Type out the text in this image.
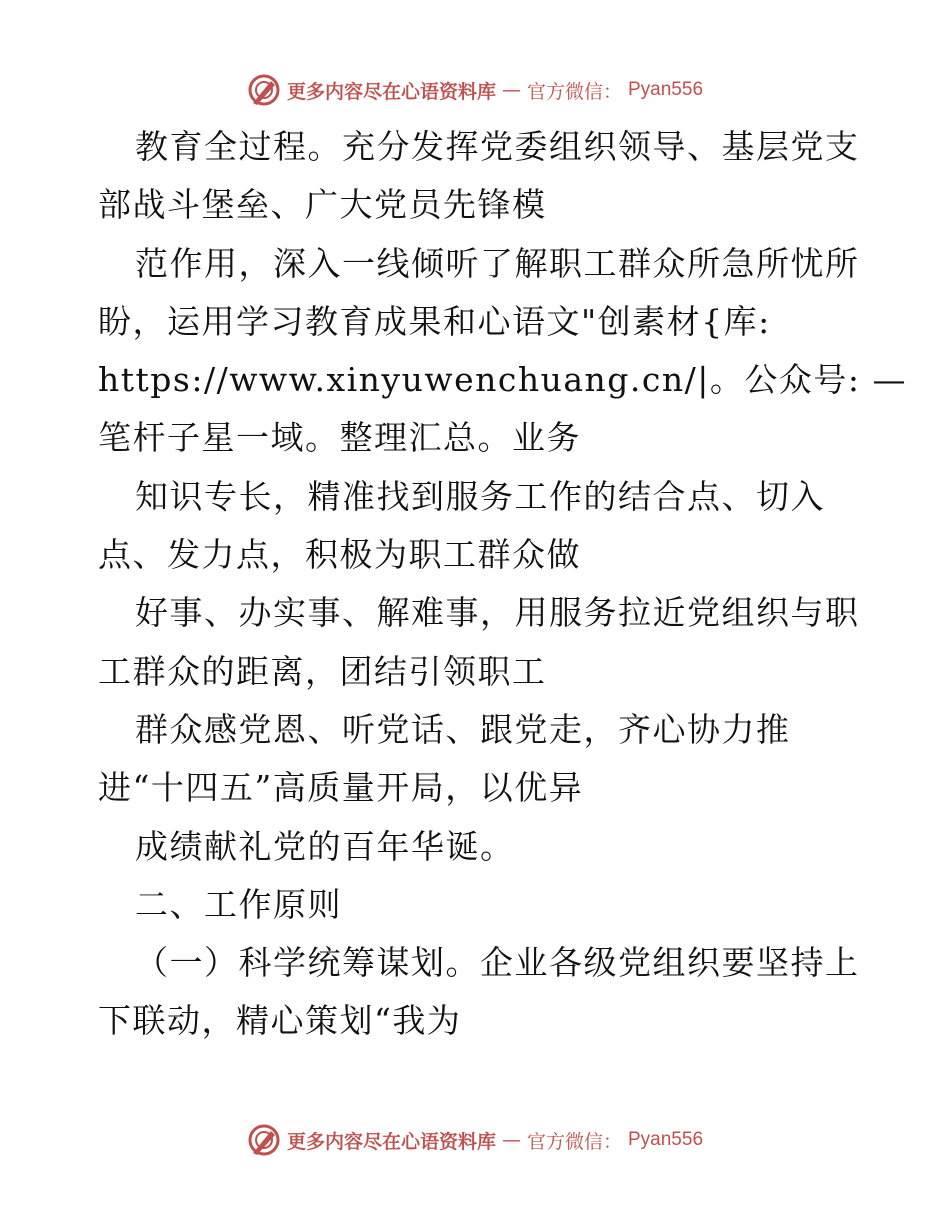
更多内容尽在心语资料库 — 官方微信： Pyan556
教育全过程。充分发挥党委组织领导、基层党支
部战斗堡垒、广大党员先锋模
范作用，深入一线倾听了解职工群众所急所忧所
盼，运用学习教育成果和心语文"创素材{库:
https://www.xinyuwenchuang.cn/|。公众号: —
笔杆子星一域。整理汇总。业务
知识专长，精准找到服务工作的结合点、切入
点、发力点，积极为职工群众做
好事、办实事、解难事，用服务拉近党组织与职
工群众的距离，团结引领职工
群众感党恩、听党话、跟党走，齐心协力推
进“十四五”高质量开局，以优异
成绩献礼党的百年华诞。
二、工作原则
（一）科学统筹谋划。企业各级党组织要坚持上
下联动，精心策划“我为
更多内容尽在心语资料库 — 官方微信： Pyan556
